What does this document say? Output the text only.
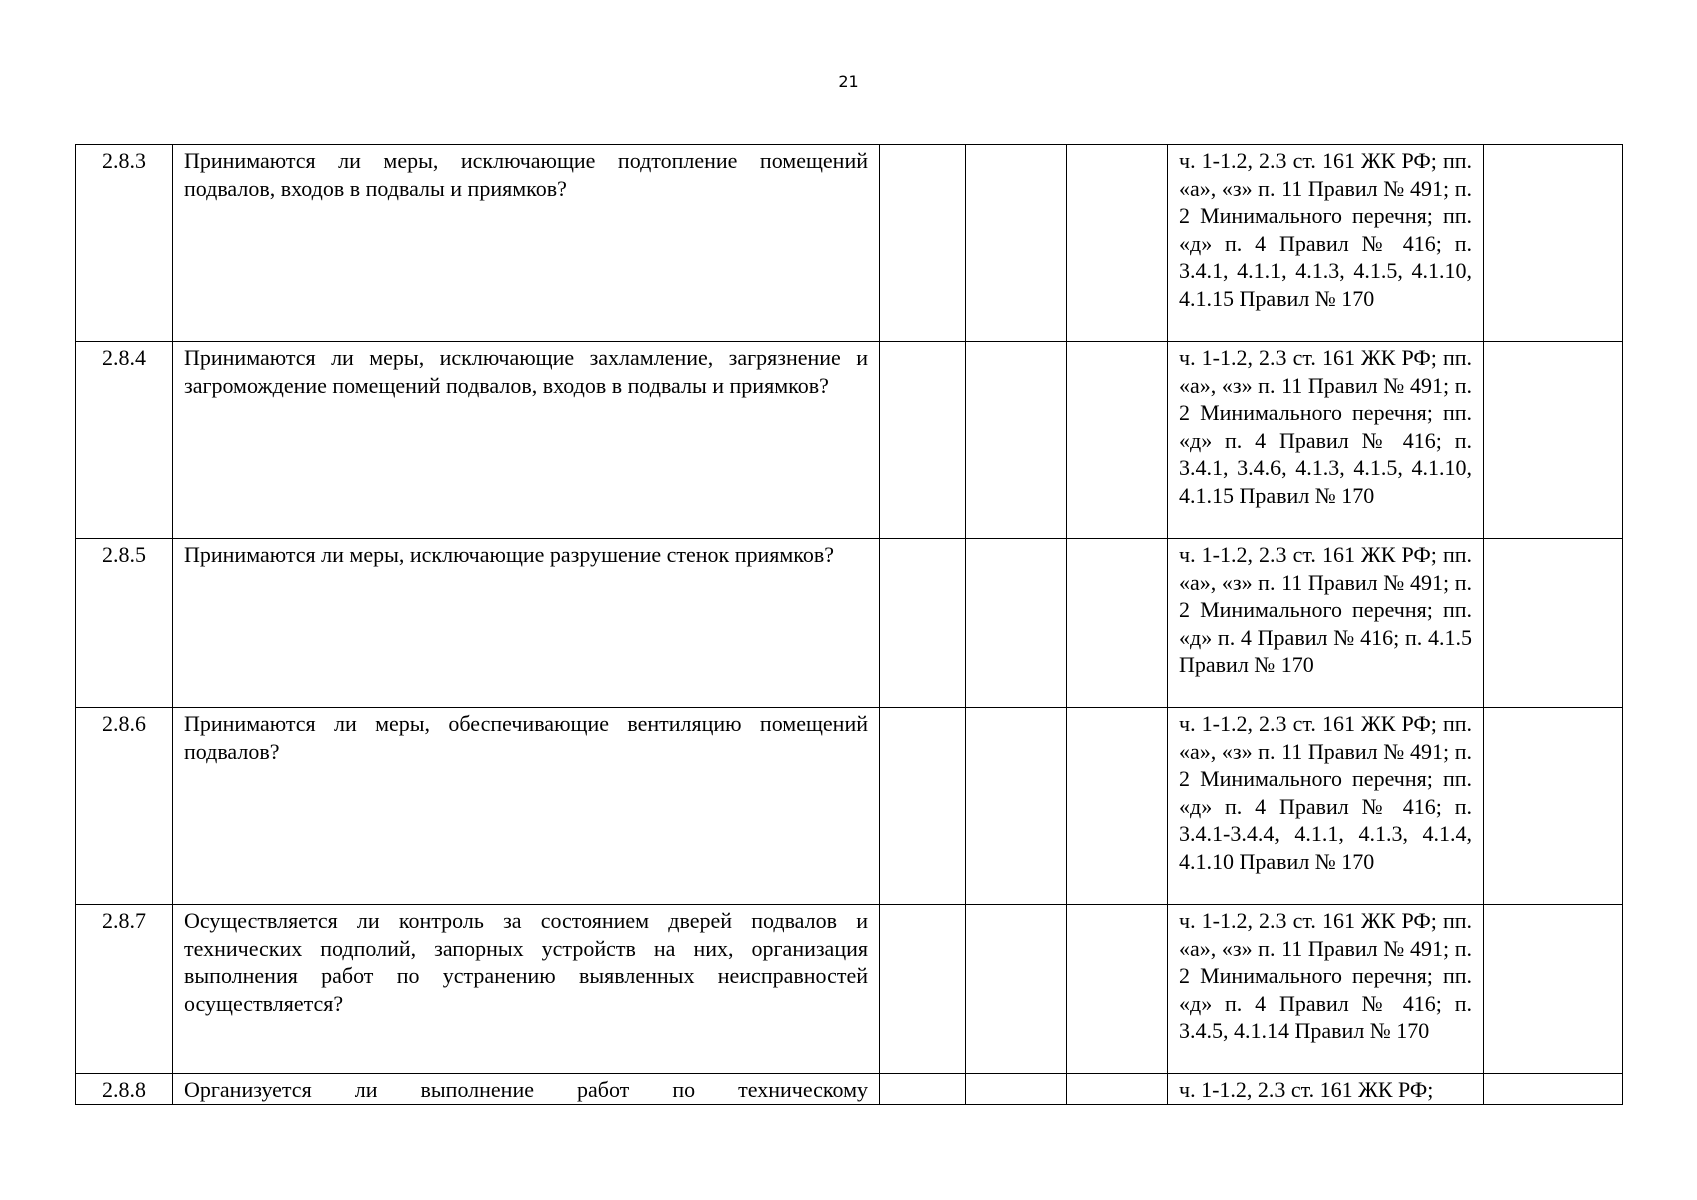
21
2.8.3	Принимаются ли меры, исключающие подтопление помещений подвалов, входов в подвалы и приямков?				ч. 1-1.2, 2.3 ст. 161 ЖК РФ; пп. «а», «з» п. 11 Правил № 491; п. 2 Минимального перечня; пп. «д» п. 4 Правил № 416; п. 3.4.1, 4.1.1, 4.1.3, 4.1.5, 4.1.10, 4.1.15 Правил № 170	
2.8.4	Принимаются ли меры, исключающие захламление, загрязнение и загромождение помещений подвалов, входов в подвалы и приямков?				ч. 1-1.2, 2.3 ст. 161 ЖК РФ; пп. «а», «з» п. 11 Правил № 491; п. 2 Минимального перечня; пп. «д» п. 4 Правил № 416; п. 3.4.1, 3.4.6, 4.1.3, 4.1.5, 4.1.10, 4.1.15 Правил № 170	
2.8.5	Принимаются ли меры, исключающие разрушение стенок приямков?				ч. 1-1.2, 2.3 ст. 161 ЖК РФ; пп. «а», «з» п. 11 Правил № 491; п. 2 Минимального перечня; пп. «д» п. 4 Правил № 416; п. 4.1.5 Правил № 170	
2.8.6	Принимаются ли меры, обеспечивающие вентиляцию помещений подвалов?				ч. 1-1.2, 2.3 ст. 161 ЖК РФ; пп. «а», «з» п. 11 Правил № 491; п. 2 Минимального перечня; пп. «д» п. 4 Правил № 416; п. 3.4.1-3.4.4, 4.1.1, 4.1.3, 4.1.4, 4.1.10 Правил № 170	
2.8.7	Осуществляется ли контроль за состоянием дверей подвалов и технических подполий, запорных устройств на них, организация выполнения работ по устранению выявленных неисправностей осуществляется?				ч. 1-1.2, 2.3 ст. 161 ЖК РФ; пп. «а», «з» п. 11 Правил № 491; п. 2 Минимального перечня; пп. «д» п. 4 Правил № 416; п. 3.4.5, 4.1.14 Правил № 170	
2.8.8	Организуется ли выполнение работ по техническому				ч. 1-1.2, 2.3 ст. 161 ЖК РФ;	
